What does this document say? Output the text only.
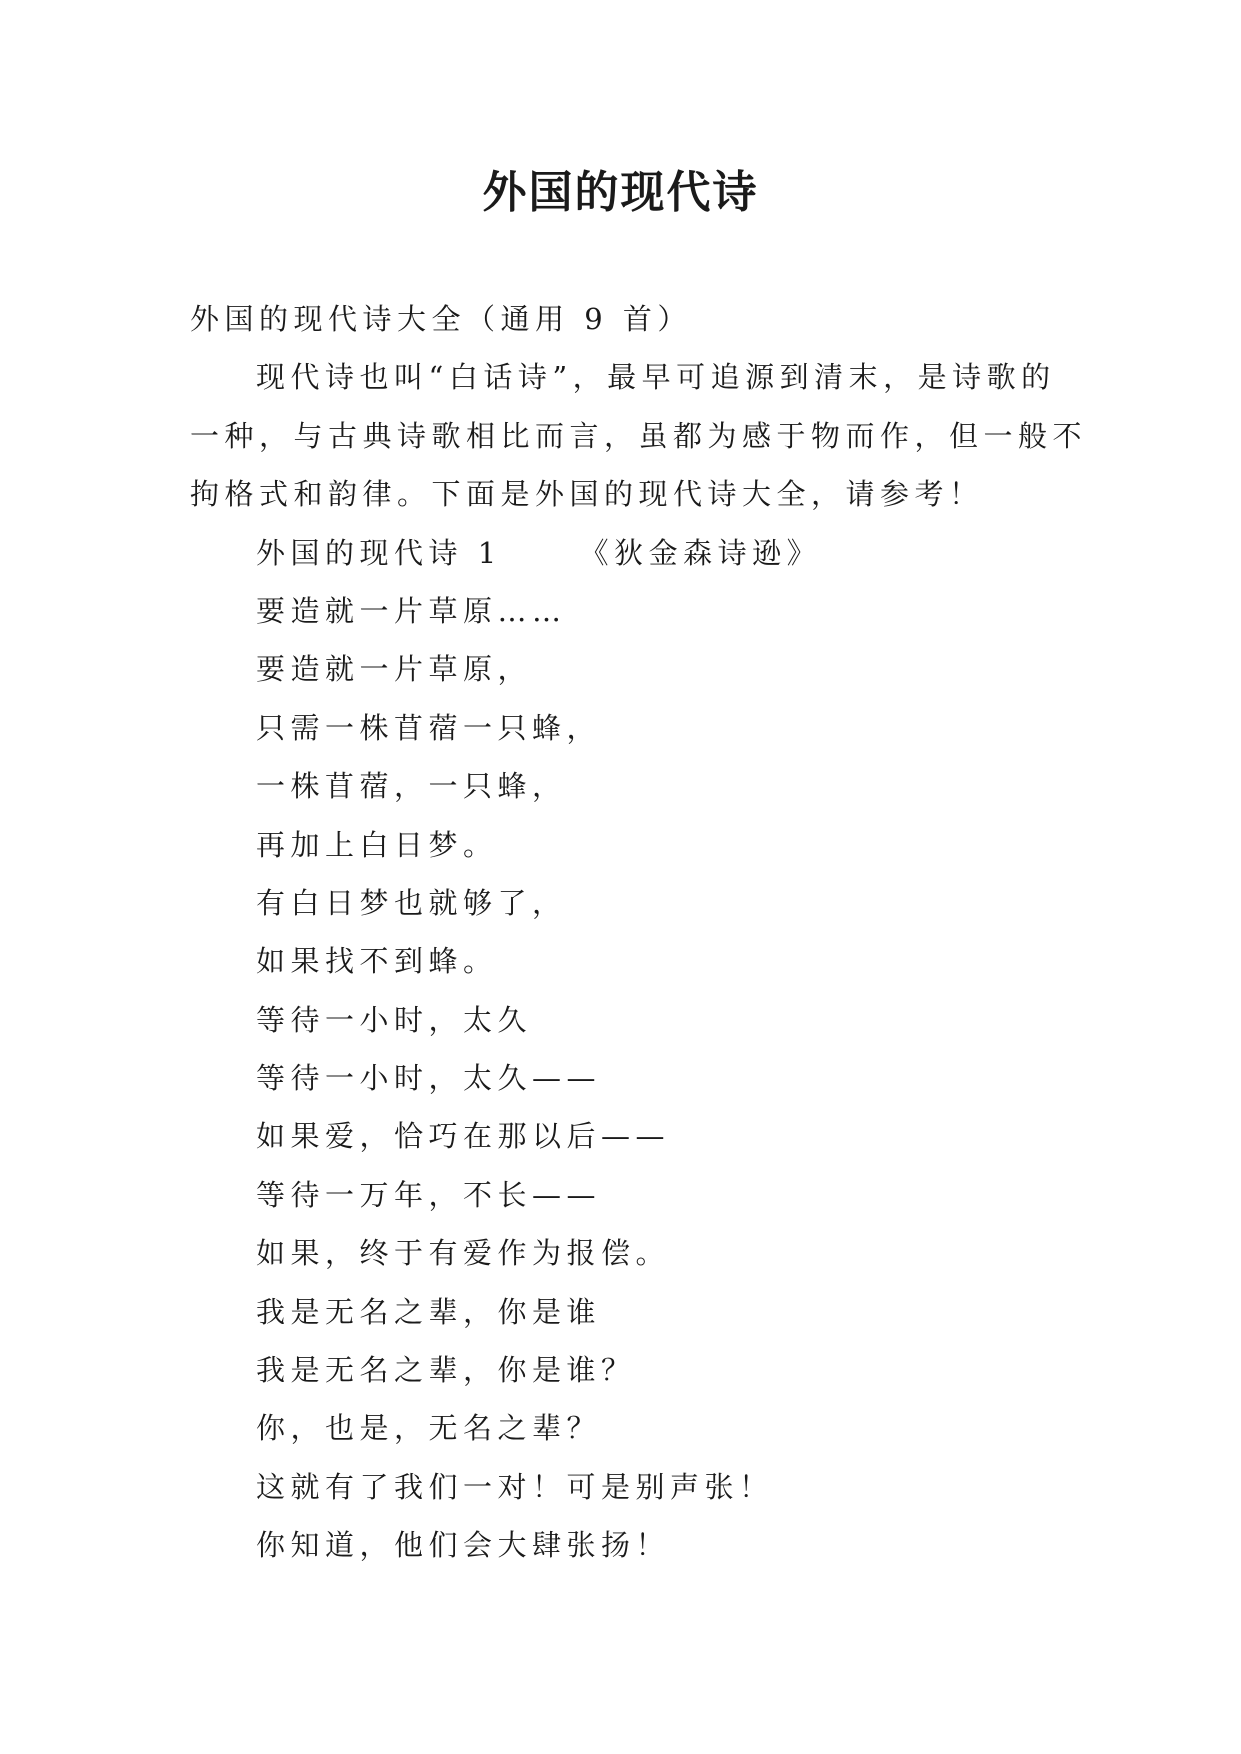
外国的现代诗

外国的现代诗大全（通用 9 首）

现代诗也叫“白话诗”，最早可追源到清末，是诗歌的

一种，与古典诗歌相比而言，虽都为感于物而作，但一般不

拘格式和韵律。下面是外国的现代诗大全，请参考！

外国的现代诗 1	《狄金森诗逊》

要造就一片草原……

要造就一片草原，

只需一株苜蓿一只蜂，

一株苜蓿，一只蜂，

再加上白日梦。

有白日梦也就够了，

如果找不到蜂。

等待一小时，太久

等待一小时，太久——

如果爱，恰巧在那以后——

等待一万年，不长——

如果，终于有爱作为报偿。

我是无名之辈，你是谁

我是无名之辈，你是谁？

你，也是，无名之辈？

这就有了我们一对！可是别声张！

你知道，他们会大肆张扬！
